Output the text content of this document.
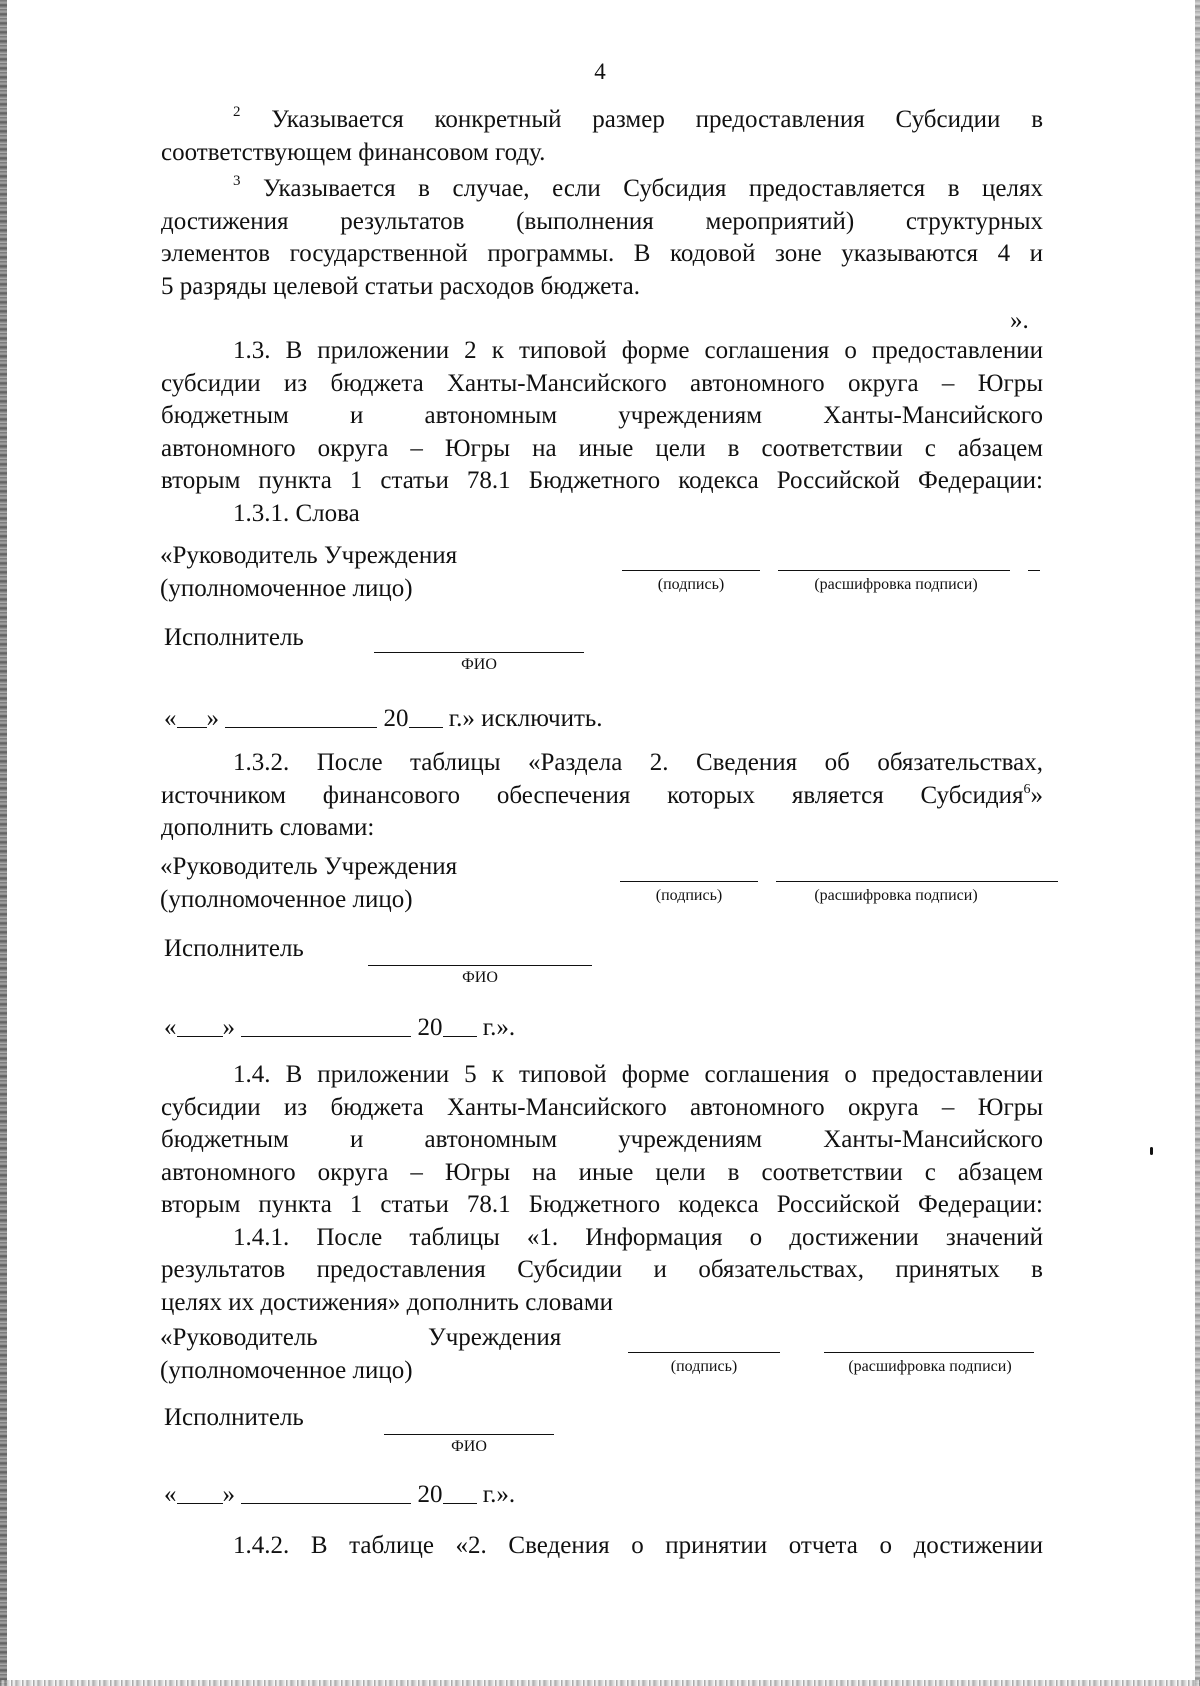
4
$^2$ Указывается конкретный размер предоставления Субсидии в
соответствующем финансовом году.
$^3$ Указывается в случае, если Субсидия предоставляется в целях
достижения результатов (выполнения мероприятий) структурных
элементов государственной программы. В кодовой зоне указываются 4 и
5 разряды целевой статьи расходов бюджета.
».
1.3. В приложении 2 к типовой форме соглашения о предоставлении
субсидии из бюджета Ханты-Мансийского автономного округа – Югры
бюджетным и автономным учреждениям Ханты-Мансийского
автономного округа – Югры на иные цели в соответствии с абзацем
вторым пункта 1 статьи 78.1 Бюджетного кодекса Российской Федерации:
1.3.1. Слова
«Руководитель Учреждения
(уполномоченное лицо)	(подпись)	(расшифровка подписи)
Исполнитель
ФИО
« »	20 г.» исключить.
1.3.2. После таблицы «Раздела 2. Сведения об обязательствах,
источником финансового обеспечения которых является Субсидия$^6$»
дополнить словами:
«Руководитель Учреждения
(уполномоченное лицо)	(подпись)	(расшифровка подписи)
Исполнитель
ФИО
« »	20 г.».
1.4. В приложении 5 к типовой форме соглашения о предоставлении
субсидии из бюджета Ханты-Мансийского автономного округа – Югры
бюджетным и автономным учреждениям Ханты-Мансийского
автономного округа – Югры на иные цели в соответствии с абзацем
вторым пункта 1 статьи 78.1 Бюджетного кодекса Российской Федерации:
1.4.1. После таблицы «1. Информация о достижении значений
результатов предоставления Субсидии и обязательствах, принятых в
целях их достижения» дополнить словами
«Руководитель	Учреждения
(уполномоченное лицо)	(подпись)	(расшифровка подписи)
Исполнитель
ФИО
« »	20 г.».
1.4.2. В таблице «2. Сведения о принятии отчета о достижении
